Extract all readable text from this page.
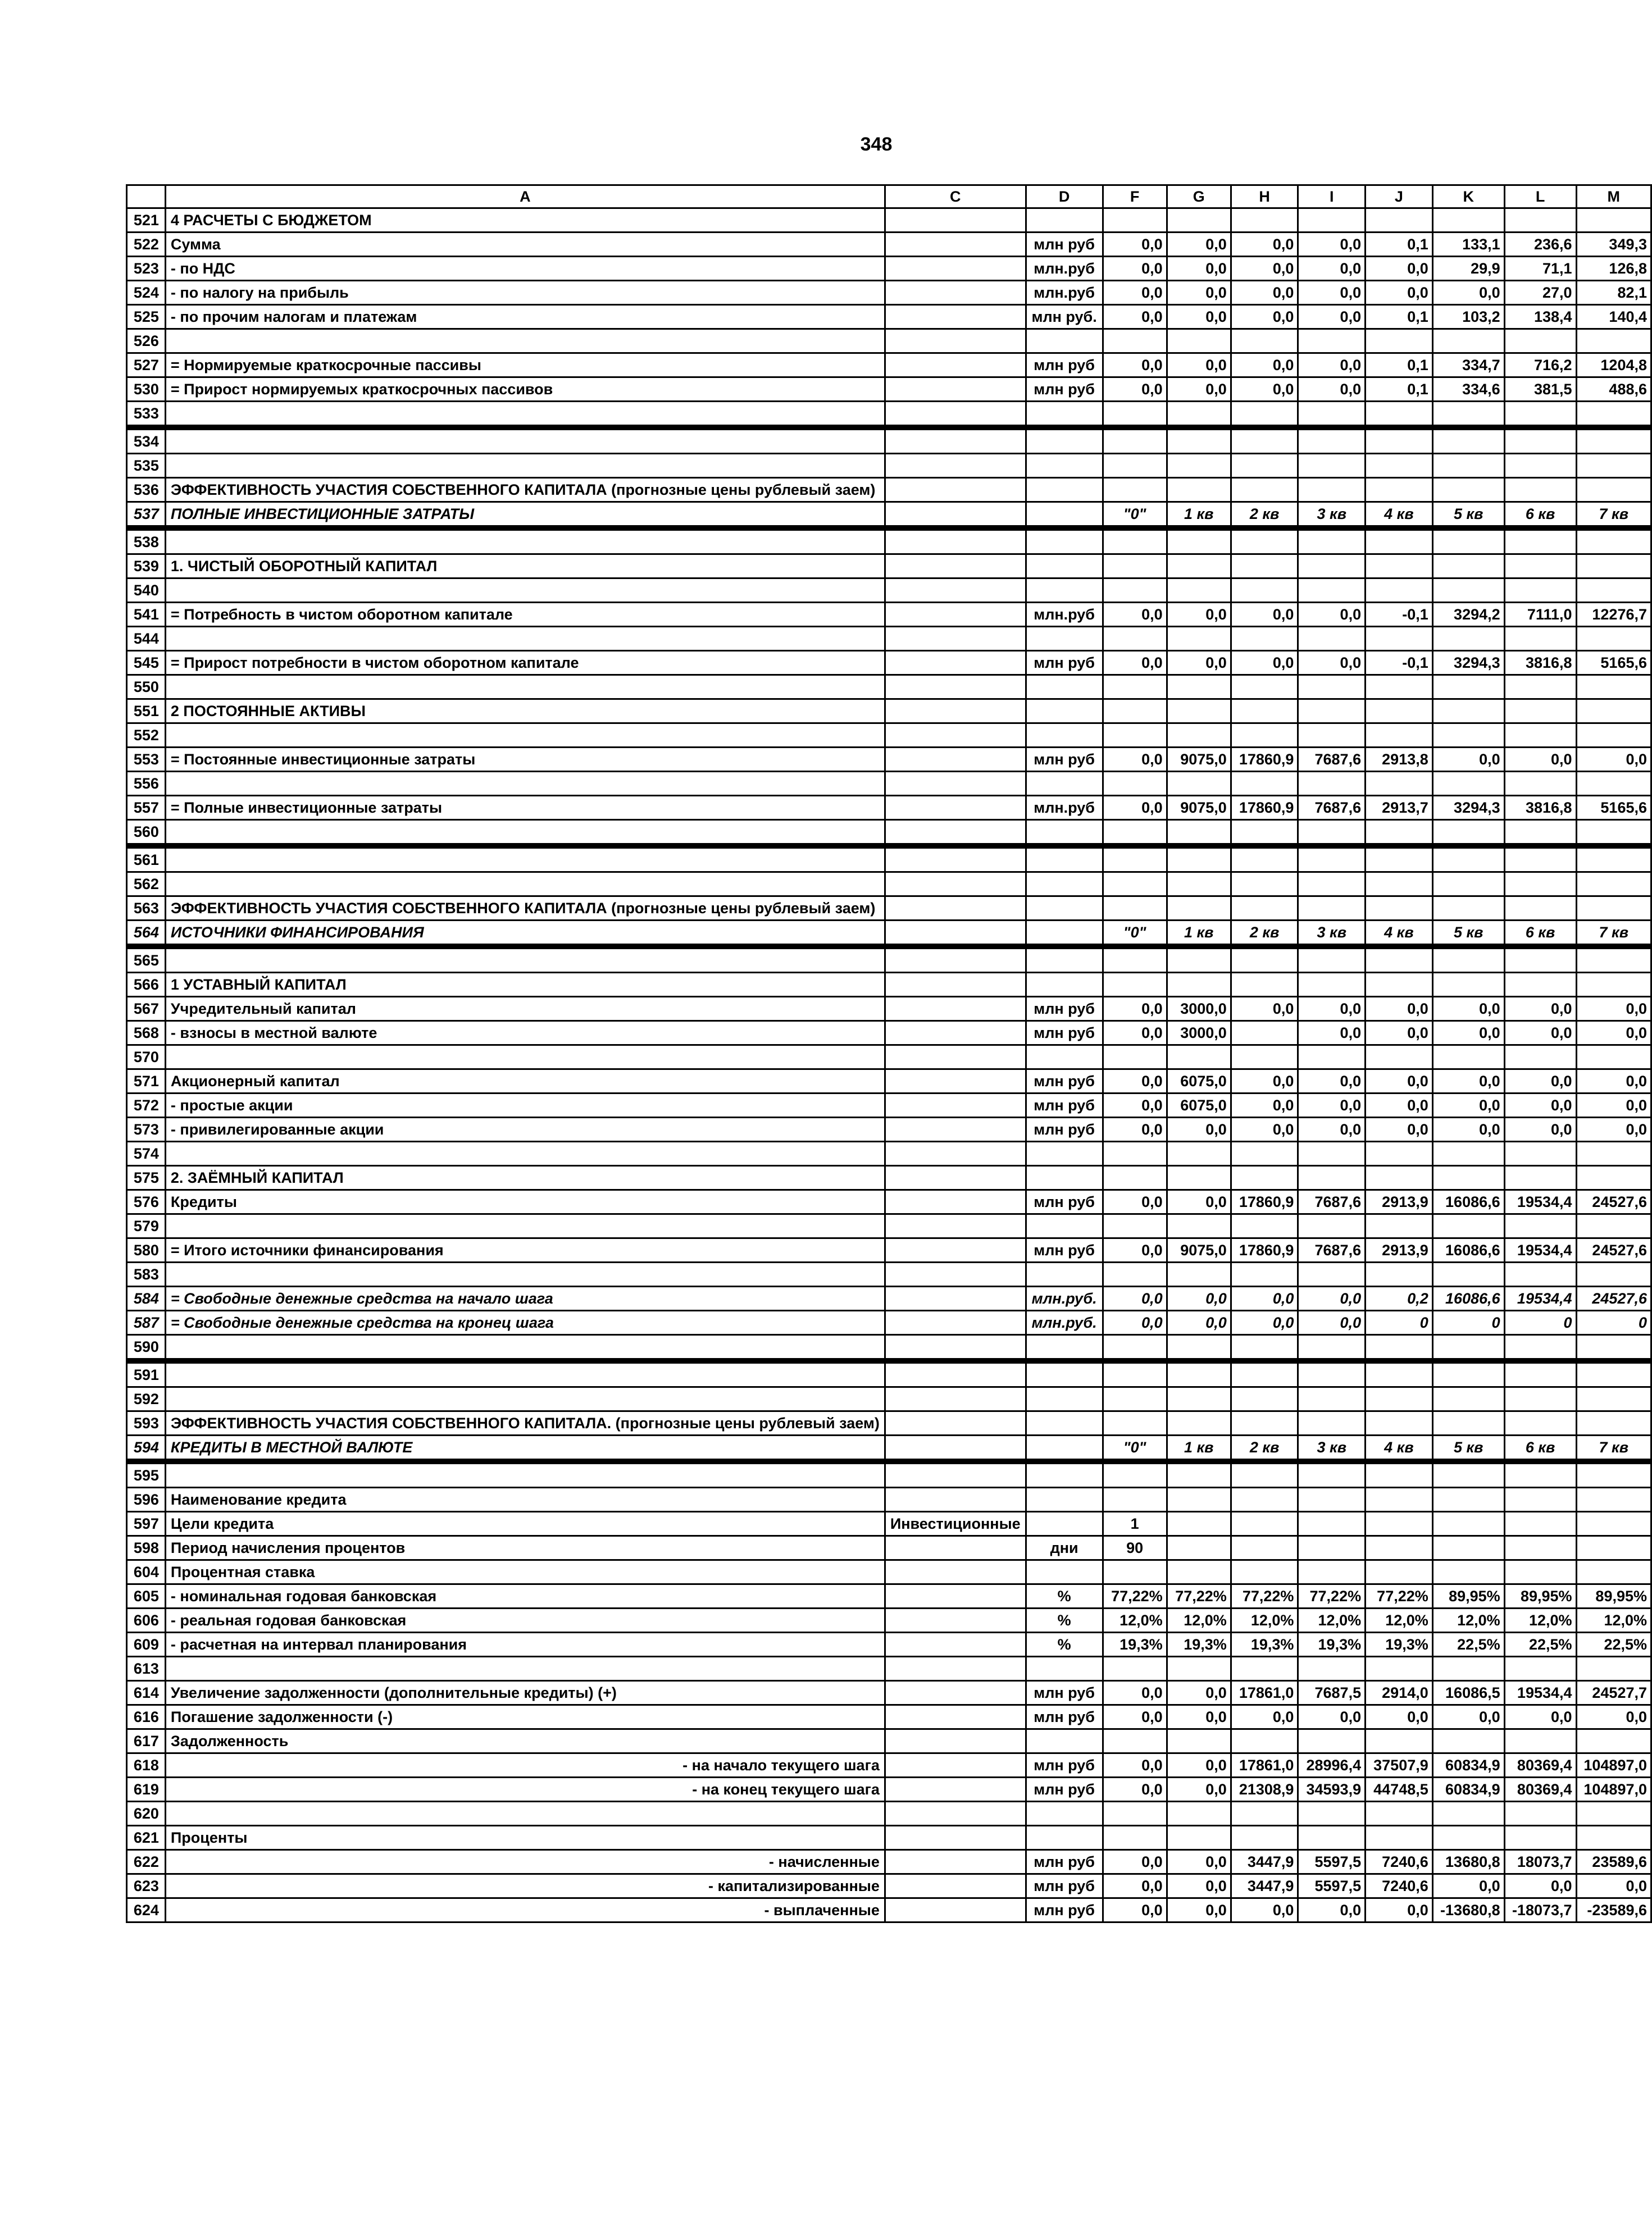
348
	A	C	D	F	G	H	I	J	K	L	M
521	4 РАСЧЕТЫ С БЮДЖЕТОМ										
522	Сумма		млн руб	0,0	0,0	0,0	0,0	0,1	133,1	236,6	349,3
523	- по НДС		млн.руб	0,0	0,0	0,0	0,0	0,0	29,9	71,1	126,8
524	- по налогу на прибыль		млн.руб	0,0	0,0	0,0	0,0	0,0	0,0	27,0	82,1
525	- по прочим налогам и платежам		млн руб.	0,0	0,0	0,0	0,0	0,1	103,2	138,4	140,4
526											
527	= Нормируемые краткосрочные пассивы		млн руб	0,0	0,0	0,0	0,0	0,1	334,7	716,2	1204,8
530	= Прирост нормируемых краткосрочных пассивов		млн руб	0,0	0,0	0,0	0,0	0,1	334,6	381,5	488,6
533											
534											
535											
536	ЭФФЕКТИВНОСТЬ УЧАСТИЯ СОБСТВЕННОГО КАПИТАЛА (прогнозные цены рублевый заем)										
537	ПОЛНЫЕ ИНВЕСТИЦИОННЫЕ ЗАТРАТЫ			"0"	1 кв	2 кв	3 кв	4 кв	5 кв	6 кв	7 кв
538											
539	1. ЧИСТЫЙ ОБОРОТНЫЙ КАПИТАЛ										
540											
541	= Потребность в чистом оборотном капитале		млн.руб	0,0	0,0	0,0	0,0	-0,1	3294,2	7111,0	12276,7
544											
545	= Прирост потребности в чистом оборотном капитале		млн руб	0,0	0,0	0,0	0,0	-0,1	3294,3	3816,8	5165,6
550											
551	2 ПОСТОЯННЫЕ АКТИВЫ										
552											
553	= Постоянные инвестиционные затраты		млн руб	0,0	9075,0	17860,9	7687,6	2913,8	0,0	0,0	0,0
556											
557	= Полные инвестиционные затраты		млн.руб	0,0	9075,0	17860,9	7687,6	2913,7	3294,3	3816,8	5165,6
560											
561											
562											
563	ЭФФЕКТИВНОСТЬ УЧАСТИЯ СОБСТВЕННОГО КАПИТАЛА (прогнозные цены рублевый заем)										
564	ИСТОЧНИКИ ФИНАНСИРОВАНИЯ			"0"	1 кв	2 кв	3 кв	4 кв	5 кв	6 кв	7 кв
565											
566	1 УСТАВНЫЙ КАПИТАЛ										
567	Учредительный капитал		млн руб	0,0	3000,0	0,0	0,0	0,0	0,0	0,0	0,0
568	- взносы в местной валюте		млн руб	0,0	3000,0		0,0	0,0	0,0	0,0	0,0
570											
571	Акционерный капитал		млн руб	0,0	6075,0	0,0	0,0	0,0	0,0	0,0	0,0
572	- простые акции		млн руб	0,0	6075,0	0,0	0,0	0,0	0,0	0,0	0,0
573	- привилегированные акции		млн руб	0,0	0,0	0,0	0,0	0,0	0,0	0,0	0,0
574											
575	2. ЗАЁМНЫЙ КАПИТАЛ										
576	Кредиты		млн руб	0,0	0,0	17860,9	7687,6	2913,9	16086,6	19534,4	24527,6
579											
580	= Итого источники финансирования		млн руб	0,0	9075,0	17860,9	7687,6	2913,9	16086,6	19534,4	24527,6
583											
584	= Свободные денежные средства на начало шага		млн.руб.	0,0	0,0	0,0	0,0	0,2	16086,6	19534,4	24527,6
587	= Свободные денежные средства на кронец шага		млн.руб.	0,0	0,0	0,0	0,0	0	0	0	0
590											
591											
592											
593	ЭФФЕКТИВНОСТЬ УЧАСТИЯ СОБСТВЕННОГО КАПИТАЛА. (прогнозные цены рублевый заем)										
594	КРЕДИТЫ В МЕСТНОЙ ВАЛЮТЕ			"0"	1 кв	2 кв	3 кв	4 кв	5 кв	6 кв	7 кв
595											
596	Наименование кредита										
597	Цели кредита	Инвестиционные		1							
598	Период начисления процентов		дни	90							
604	Процентная ставка										
605	- номинальная годовая банковская		%	77,22%	77,22%	77,22%	77,22%	77,22%	89,95%	89,95%	89,95%
606	- реальная годовая банковская		%	12,0%	12,0%	12,0%	12,0%	12,0%	12,0%	12,0%	12,0%
609	- расчетная на интервал планирования		%	19,3%	19,3%	19,3%	19,3%	19,3%	22,5%	22,5%	22,5%
613											
614	Увеличение задолженности (дополнительные кредиты) (+)		млн руб	0,0	0,0	17861,0	7687,5	2914,0	16086,5	19534,4	24527,7
616	Погашение задолженности (-)		млн руб	0,0	0,0	0,0	0,0	0,0	0,0	0,0	0,0
617	Задолженность										
618	- на начало текущего шага		млн руб	0,0	0,0	17861,0	28996,4	37507,9	60834,9	80369,4	104897,0
619	- на конец текущего шага		млн руб	0,0	0,0	21308,9	34593,9	44748,5	60834,9	80369,4	104897,0
620											
621	Проценты										
622	- начисленные		млн руб	0,0	0,0	3447,9	5597,5	7240,6	13680,8	18073,7	23589,6
623	- капитализированные		млн руб	0,0	0,0	3447,9	5597,5	7240,6	0,0	0,0	0,0
624	- выплаченные		млн руб	0,0	0,0	0,0	0,0	0,0	-13680,8	-18073,7	-23589,6
